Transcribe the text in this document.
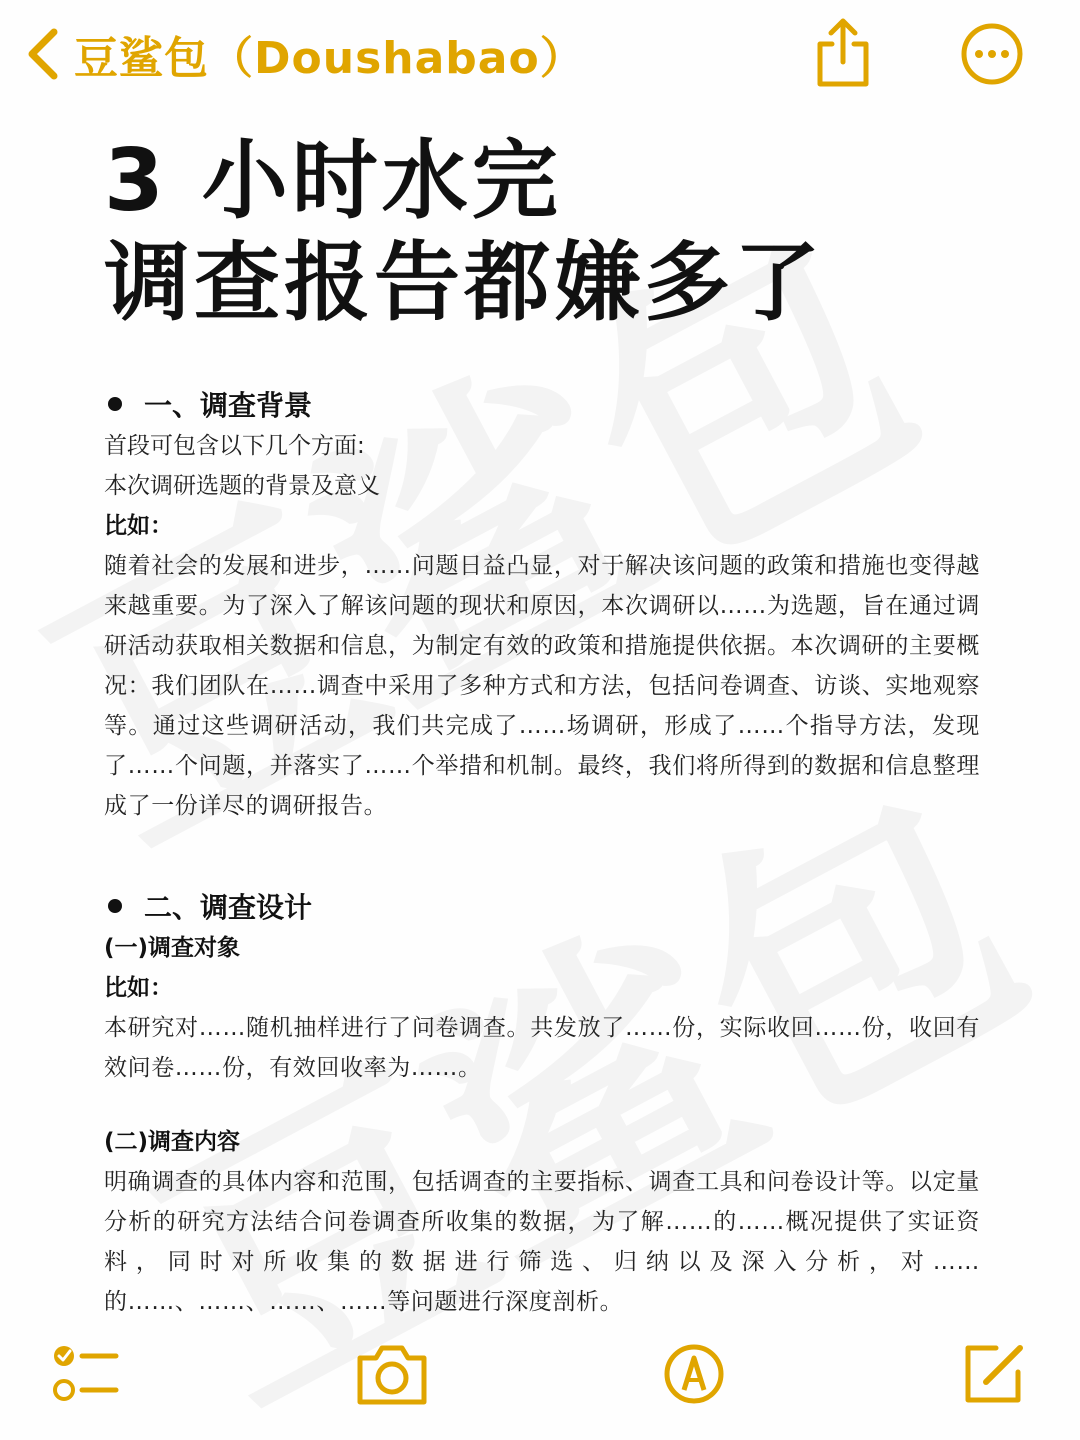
豆鲨包（Doushabao）
3 小时水完
调查报告都嫌多了
一、调查背景
首段可包含以下几个方面:
本次调研选题的背景及意义
比如：
随着社会的发展和进步，……问题日益凸显，对于解决该问题的政策和措施也变得越来越重要。为了深入了解该问题的现状和原因，本次调研以……为选题，旨在通过调研活动获取相关数据和信息，为制定有效的政策和措施提供依据。本次调研的主要概况：我们团队在……调查中采用了多种方式和方法，包括问卷调查、访谈、实地观察等。通过这些调研活动，我们共完成了……场调研，形成了……个指导方法，发现了……个问题，并落实了……个举措和机制。最终，我们将所得到的数据和信息整理成了一份详尽的调研报告。
二、调查设计
(一)调查对象
比如：
本研究对……随机抽样进行了问卷调查。共发放了……份，实际收回……份，收回有效问卷……份，有效回收率为……。
(二)调查内容
明确调查的具体内容和范围，包括调查的主要指标、调查工具和问卷设计等。以定量分析的研究方法结合问卷调查所收集的数据，为了解……的……概况提供了实证资料，同时对所收集的数据进行筛选、归纳以及深入分析，对……的……、……、……、……等问题进行深度剖析。
